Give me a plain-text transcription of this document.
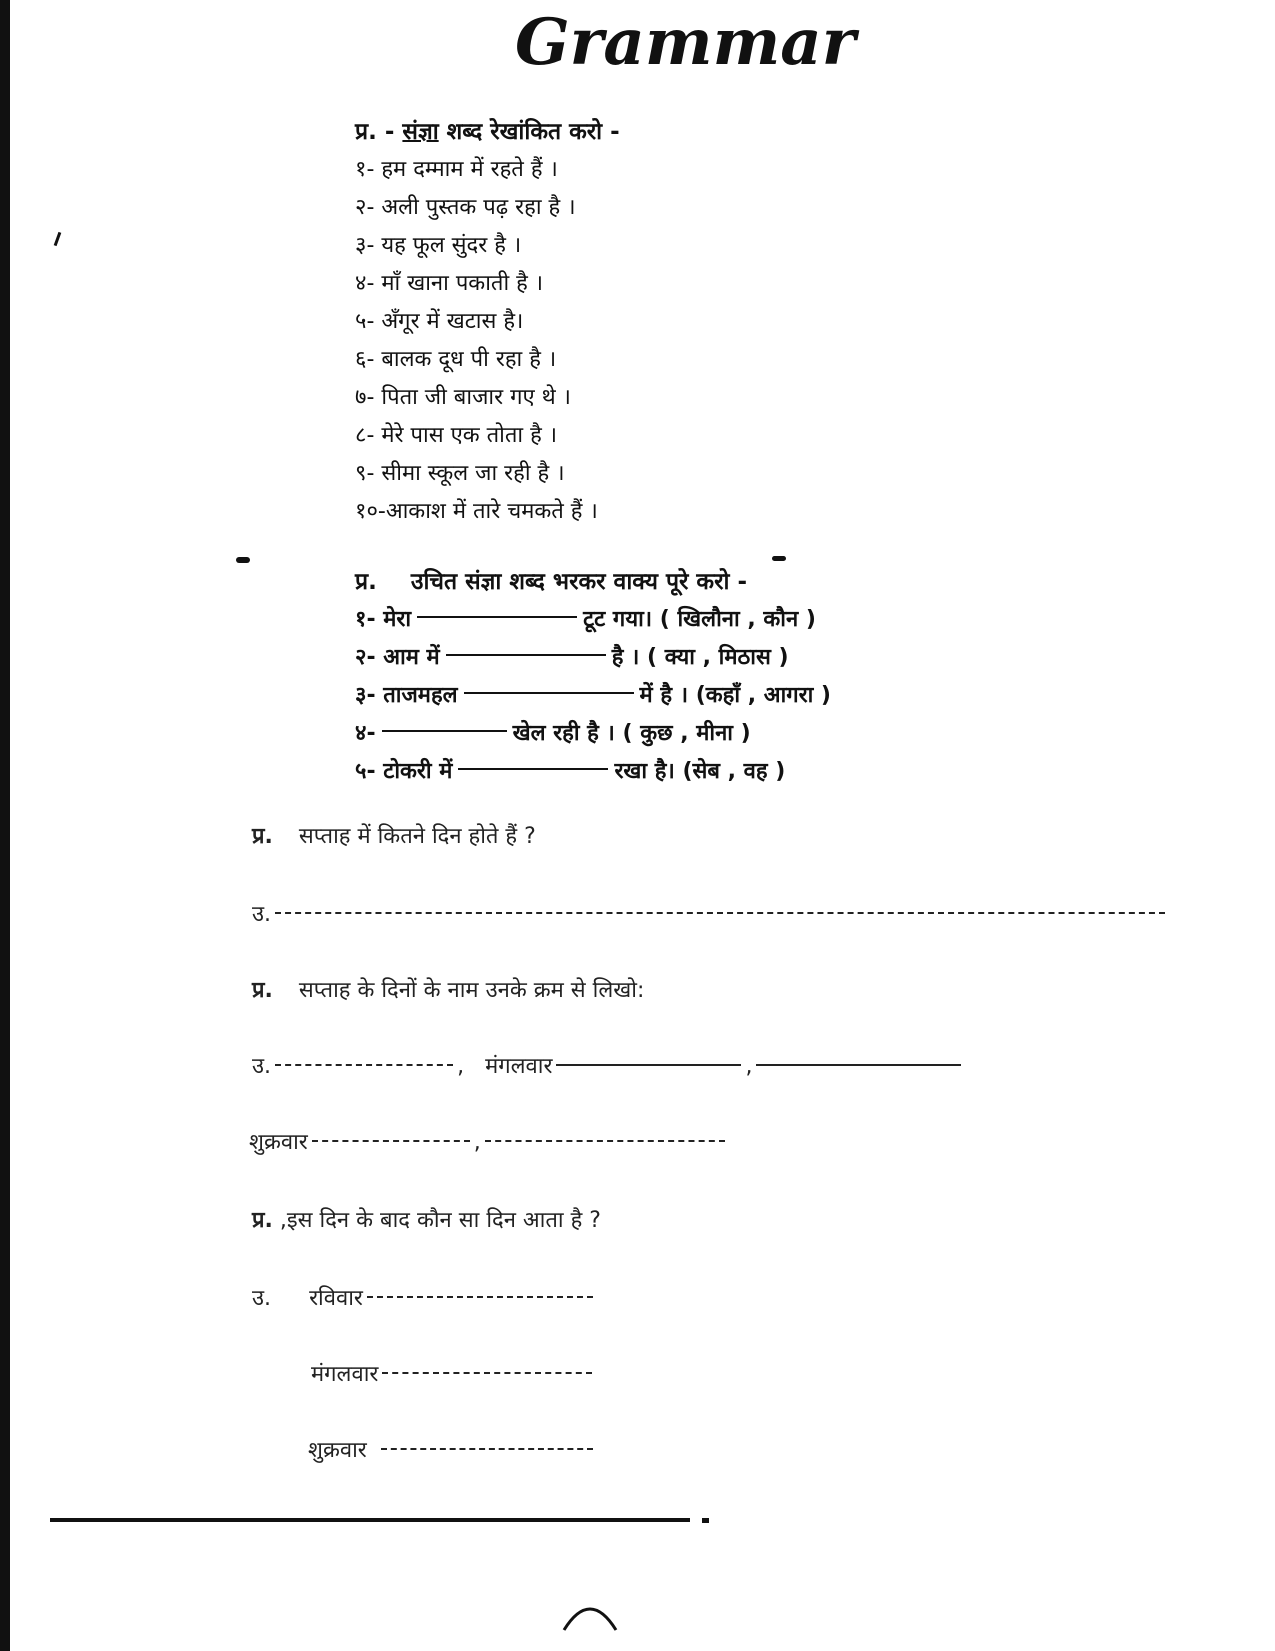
Grammar
प्र. - संज्ञा शब्द रेखांकित करो -
१- हम दम्माम में रहते हैं ।
२- अली पुस्तक पढ़ रहा है ।
३- यह फूल सुंदर है ।
४- माँ खाना पकाती है ।
५- अँगूर में खटास है।
६- बालक दूध पी रहा है ।
७- पिता जी बाजार गए थे ।
८- मेरे पास एक तोता है ।
९- सीमा स्कूल जा रही है ।
१०-आकाश में तारे चमकते हैं ।
प्र. उचित संज्ञा शब्द भरकर वाक्य पूरे करो -
१- मेरा	टूट गया। ( खिलौना , कौन )
२- आम में	है । ( क्या , मिठास )
३- ताजमहल	में है । (कहाँ , आगरा )
४-	खेल रही है । ( कुछ , मीना )
५- टोकरी में	रखा है। (सेब , वह )
प्र. सप्ताह में कितने दिन होते हैं ?
उ.
प्र. सप्ताह के दिनों के नाम उनके क्रम से लिखो:
उ.	, मंगलवार	,
शुक्रवार	,
प्र. ,इस दिन के बाद कौन सा दिन आता है ?
उ. रविवार
मंगलवार
शुक्रवार
